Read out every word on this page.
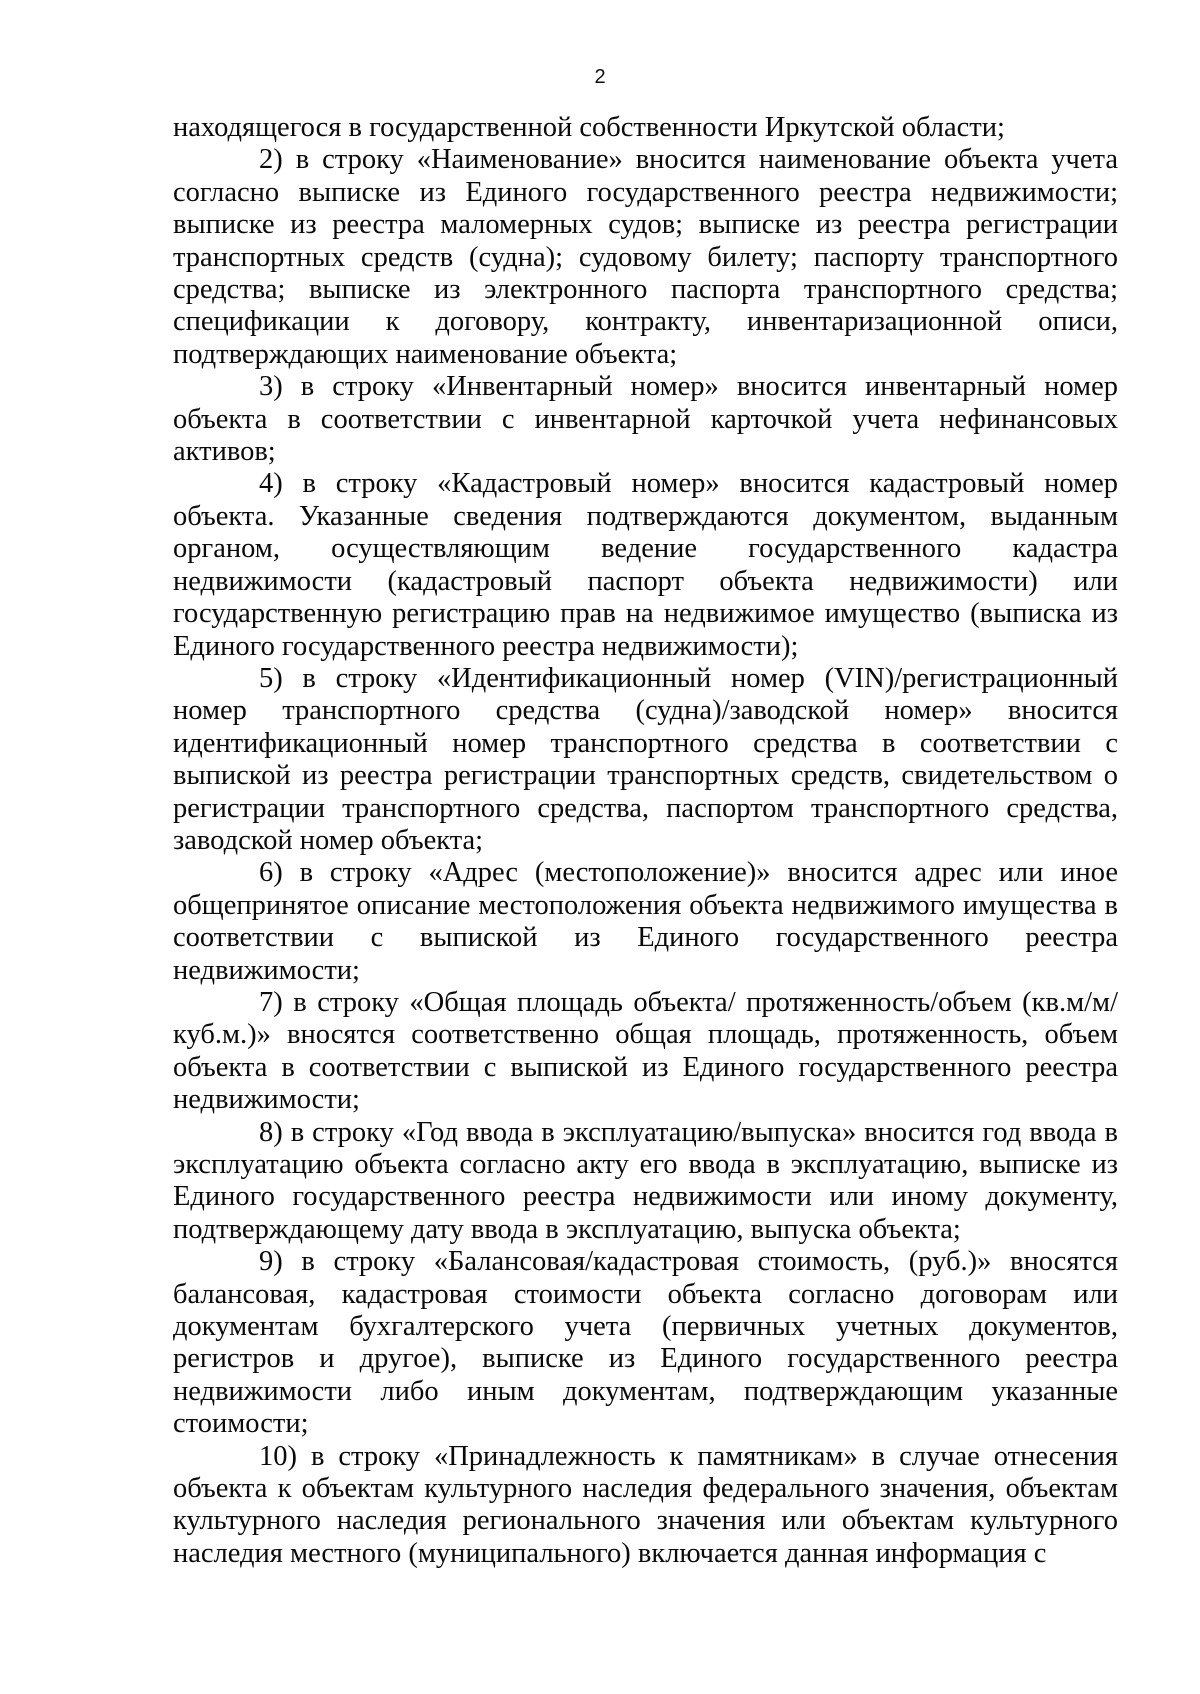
2

находящегося в государственной собственности Иркутской области;

2) в строку «Наименование» вносится наименование объекта учета согласно выписке из Единого государственного реестра недвижимости; выписке из реестра маломерных судов; выписке из реестра регистрации транспортных средств (судна); судовому билету; паспорту транспортного средства; выписке из электронного паспорта транспортного средства; спецификации к договору, контракту, инвентаризационной описи, подтверждающих наименование объекта;

3) в строку «Инвентарный номер» вносится инвентарный номер объекта в соответствии с инвентарной карточкой учета нефинансовых активов;

4) в строку «Кадастровый номер» вносится кадастровый номер объекта. Указанные сведения подтверждаются документом, выданным органом, осуществляющим ведение государственного кадастра недвижимости (кадастровый паспорт объекта недвижимости) или государственную регистрацию прав на недвижимое имущество (выписка из Единого государственного реестра недвижимости);

5) в строку «Идентификационный номер (VIN)/регистрационный номер транспортного средства (судна)/заводской номер» вносится идентификационный номер транспортного средства в соответствии с выпиской из реестра регистрации транспортных средств, свидетельством о регистрации транспортного средства, паспортом транспортного средства, заводской номер объекта;

6) в строку «Адрес (местоположение)» вносится адрес или иное общепринятое описание местоположения объекта недвижимого имущества в соответствии с выпиской из Единого государственного реестра недвижимости;

7) в строку «Общая площадь объекта/ протяженность/объем (кв.м/м/куб.м.)» вносятся соответственно общая площадь, протяженность, объем объекта в соответствии с выпиской из Единого государственного реестра недвижимости;

8) в строку «Год ввода в эксплуатацию/выпуска» вносится год ввода в эксплуатацию объекта согласно акту его ввода в эксплуатацию, выписке из Единого государственного реестра недвижимости или иному документу, подтверждающему дату ввода в эксплуатацию, выпуска объекта;

9) в строку «Балансовая/кадастровая стоимость, (руб.)» вносятся балансовая, кадастровая стоимости объекта согласно договорам или документам бухгалтерского учета (первичных учетных документов, регистров и другое), выписке из Единого государственного реестра недвижимости либо иным документам, подтверждающим указанные стоимости;

10) в строку «Принадлежность к памятникам» в случае отнесения объекта к объектам культурного наследия федерального значения, объектам культурного наследия регионального значения или объектам культурного наследия местного (муниципального) включается данная информация с
